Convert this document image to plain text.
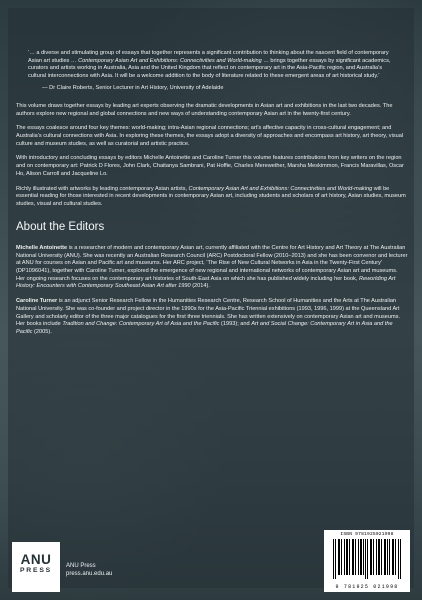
‘… a diverse and stimulating group of essays that together represents a significant contribution to thinking about the nascent field of contemporary Asian art studies … Contemporary Asian Art and Exhibitions: Connectivities and World-making … brings together essays by significant academics, curators and artists working in Australia, Asia and the United Kingdom that reflect on contemporary art in the Asia-Pacific region, and Australia’s cultural interconnections with Asia. It will be a welcome addition to the body of literature related to these emergent areas of art historical study.’

— Dr Claire Roberts, Senior Lecturer in Art History, University of Adelaide

This volume draws together essays by leading art experts observing the dramatic developments in Asian art and exhibitions in the last two decades. The authors explore new regional and global connections and new ways of understanding contemporary Asian art in the twenty-first century.

The essays coalesce around four key themes: world-making; intra-Asian regional connections; art’s affective capacity in cross-cultural engagement; and Australia’s cultural connections with Asia. In exploring these themes, the essays adopt a diversity of approaches and encompass art history, art theory, visual culture and museum studies, as well as curatorial and artistic practice.

With introductory and concluding essays by editors Michelle Antoinette and Caroline Turner this volume features contributions from key writers on the region and on contemporary art: Patrick D Flores, John Clark, Chaitanya Sambrani, Pat Hoffie, Charles Merewether, Marsha Meskimmon, Francis Maravillas, Oscar Ho, Alison Carroll and Jacqueline Lo.

Richly illustrated with artworks by leading contemporary Asian artists, Contemporary Asian Art and Exhibitions: Connectivities and World-making will be essential reading for those interested in recent developments in contemporary Asian art, including students and scholars of art history, Asian studies, museum studies, visual and cultural studies.

About the Editors

Michelle Antoinette is a researcher of modern and contemporary Asian art, currently affiliated with the Centre for Art History and Art Theory at The Australian National University (ANU). She was recently an Australian Research Council (ARC) Postdoctoral Fellow (2010–2013) and she has been convenor and lecturer at ANU for courses on Asian and Pacific art and museums. Her ARC project, ‘The Rise of New Cultural Networks in Asia in the Twenty-First Century’ (DP1096041), together with Caroline Turner, explored the emergence of new regional and international networks of contemporary Asian art and museums. Her ongoing research focuses on the contemporary art histories of South-East Asia on which she has published widely including her book, Reworlding Art History: Encounters with Contemporary Southeast Asian Art after 1990 (2014).

Caroline Turner is an adjunct Senior Research Fellow in the Humanities Research Centre, Research School of Humanities and the Arts at The Australian National University. She was co-founder and project director in the 1990s for the Asia-Pacific Triennial exhibitions (1993, 1996, 1999) at the Queensland Art Gallery and scholarly editor of the three major catalogues for the first three triennials. She has written extensively on contemporary Asian art and museums. Her books include Tradition and Change: Contemporary Art of Asia and the Pacific (1993); and Art and Social Change: Contemporary Art in Asia and the Pacific (2005).

ANU
PRESS
ANU Press
press.anu.edu.au
ISBN 9781925021998
9 781925 021998
